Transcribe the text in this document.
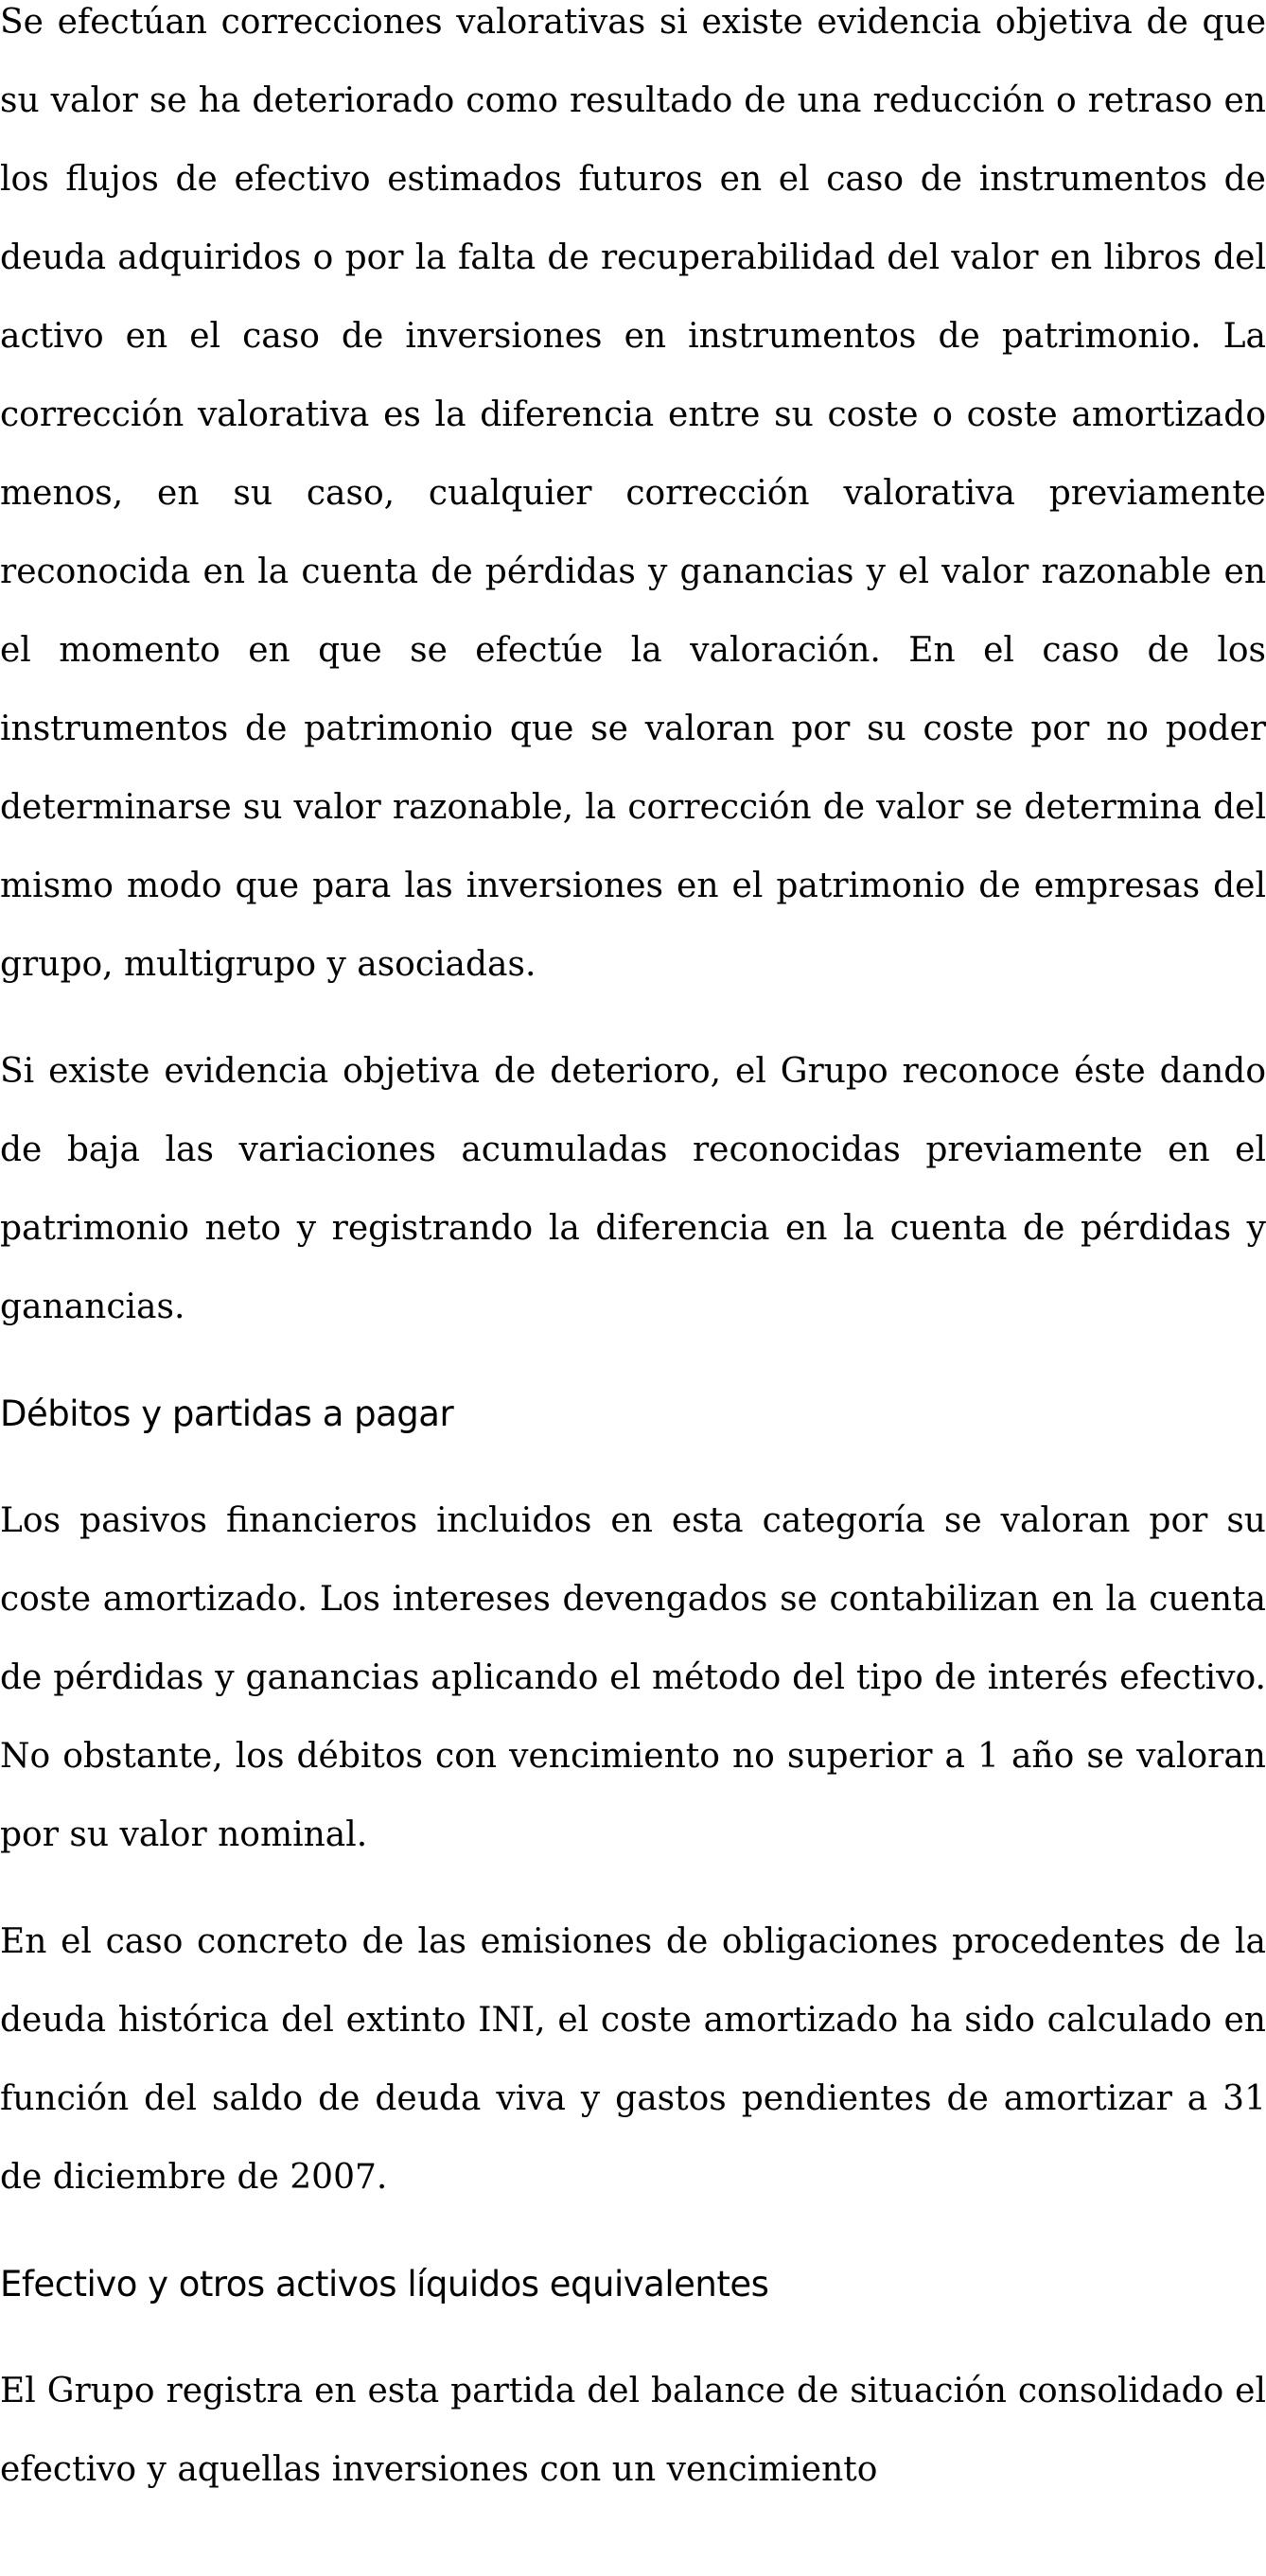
Se efectúan correcciones valorativas si existe evidencia objetiva de que su valor se ha deteriorado como resultado de una reducción o retraso en los flujos de efectivo estimados futuros en el caso de instrumentos de deuda adquiridos o por la falta de recuperabilidad del valor en libros del activo en el caso de inversiones en instrumentos de patrimonio. La corrección valorativa es la diferencia entre su coste o coste amortizado menos, en su caso, cualquier corrección valorativa previamente reconocida en la cuenta de pérdidas y ganancias y el valor razonable en el momento en que se efectúe la valoración. En el caso de los instrumentos de patrimonio que se valoran por su coste por no poder determinarse su valor razonable, la corrección de valor se determina del mismo modo que para las inversiones en el patrimonio de empresas del grupo, multigrupo y asociadas.

Si existe evidencia objetiva de deterioro, el Grupo reconoce éste dando de baja las variaciones acumuladas reconocidas previamente en el patrimonio neto y registrando la diferencia en la cuenta de pérdidas y ganancias.

Débitos y partidas a pagar

Los pasivos financieros incluidos en esta categoría se valoran por su coste amortizado. Los intereses devengados se contabilizan en la cuenta de pérdidas y ganancias aplicando el método del tipo de interés efectivo. No obstante, los débitos con vencimiento no superior a 1 año se valoran por su valor nominal.

En el caso concreto de las emisiones de obligaciones procedentes de la deuda histórica del extinto INI, el coste amortizado ha sido calculado en función del saldo de deuda viva y gastos pendientes de amortizar a 31 de diciembre de 2007.

Efectivo y otros activos líquidos equivalentes

El Grupo registra en esta partida del balance de situación consolidado el efectivo y aquellas inversiones con un vencimiento
